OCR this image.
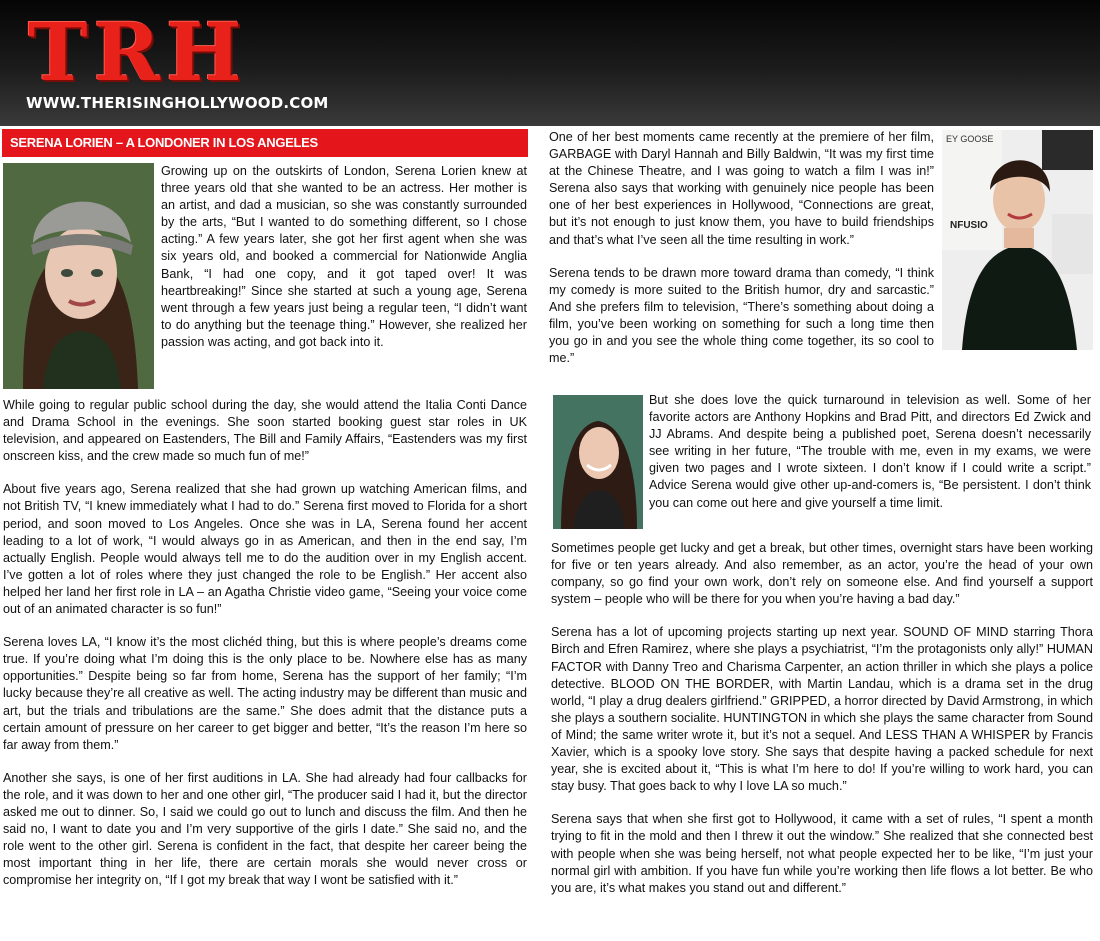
TRH
WWW.THERISINGHOLLYWOOD.COM
SERENA LORIEN – A LONDONER IN LOS ANGELES

Growing up on the outskirts of London, Serena Lorien knew at three years old that she wanted to be an actress. Her mother is an artist, and dad a musician, so she was constantly surrounded by the arts, “But I wanted to do something different, so I chose acting.” A few years later, she got her first agent when she was six years old, and booked a commercial for Nationwide Anglia Bank, “I had one copy, and it got taped over! It was heartbreaking!” Since she started at such a young age, Serena went through a few years just being a regular teen, “I didn’t want to do anything but the teenage thing.” However, she realized her passion was acting, and got back into it.

While going to regular public school during the day, she would attend the Italia Conti Dance and Drama School in the evenings. She soon started booking guest star roles in UK television, and appeared on Eastenders, The Bill and Family Affairs, “Eastenders was my first onscreen kiss, and the crew made so much fun of me!”

About five years ago, Serena realized that she had grown up watching American films, and not British TV, “I knew immediately what I had to do.” Serena first moved to Florida for a short period, and soon moved to Los Angeles. Once she was in LA, Serena found her accent leading to a lot of work, “I would always go in as American, and then in the end say, I’m actually English. People would always tell me to do the audition over in my English accent. I’ve gotten a lot of roles where they just changed the role to be English.” Her accent also helped her land her first role in LA – an Agatha Christie video game, “Seeing your voice come out of an animated character is so fun!”

Serena loves LA, “I know it’s the most clichéd thing, but this is where people’s dreams come true. If you’re doing what I’m doing this is the only place to be. Nowhere else has as many opportunities.” Despite being so far from home, Serena has the support of her family; “I’m lucky because they’re all creative as well. The acting industry may be different than music and art, but the trials and tribulations are the same.” She does admit that the distance puts a certain amount of pressure on her career to get bigger and better, “It’s the reason I’m here so far away from them.”

Another she says, is one of her first auditions in LA. She had already had four callbacks for the role, and it was down to her and one other girl, “The producer said I had it, but the director asked me out to dinner. So, I said we could go out to lunch and discuss the film. And then he said no, I want to date you and I’m very supportive of the girls I date.” She said no, and the role went to the other girl. Serena is confident in the fact, that despite her career being the most important thing in her life, there are certain morals she would never cross or compromise her integrity on, “If I got my break that way I wont be satisfied with it.”

One of her best moments came recently at the premiere of her film, GARBAGE with Daryl Hannah and Billy Baldwin, “It was my first time at the Chinese Theatre, and I was going to watch a film I was in!” Serena also says that working with genuinely nice people has been one of her best experiences in Hollywood, “Connections are great, but it’s not enough to just know them, you have to build friendships and that’s what I’ve seen all the time resulting in work.”

Serena tends to be drawn more toward drama than comedy, “I think my comedy is more suited to the British humor, dry and sarcastic.” And she prefers film to television, “There’s something about doing a film, you’ve been working on something for such a long time then you go in and you see the whole thing come together, its so cool to me.”

EY GOOSE
NFUSIO

But she does love the quick turnaround in television as well. Some of her favorite actors are Anthony Hopkins and Brad Pitt, and directors Ed Zwick and JJ Abrams. And despite being a published poet, Serena doesn’t necessarily see writing in her future, “The trouble with me, even in my exams, we were given two pages and I wrote sixteen. I don’t know if I could write a script.” Advice Serena would give other up-and-comers is, “Be persistent. I don’t think you can come out here and give yourself a time limit.

Sometimes people get lucky and get a break, but other times, overnight stars have been working for five or ten years already. And also remember, as an actor, you’re the head of your own company, so go find your own work, don’t rely on someone else. And find yourself a support system – people who will be there for you when you’re having a bad day.”

Serena has a lot of upcoming projects starting up next year. SOUND OF MIND starring Thora Birch and Efren Ramirez, where she plays a psychiatrist, “I’m the protagonists only ally!” HUMAN FACTOR with Danny Treo and Charisma Carpenter, an action thriller in which she plays a police detective. BLOOD ON THE BORDER, with Martin Landau, which is a drama set in the drug world, “I play a drug dealers girlfriend.” GRIPPED, a horror directed by David Armstrong, in which she plays a southern socialite. HUNTINGTON in which she plays the same character from Sound of Mind; the same writer wrote it, but it’s not a sequel. And LESS THAN A WHISPER by Francis Xavier, which is a spooky love story. She says that despite having a packed schedule for next year, she is excited about it, “This is what I’m here to do! If you’re willing to work hard, you can stay busy. That goes back to why I love LA so much.”

Serena says that when she first got to Hollywood, it came with a set of rules, “I spent a month trying to fit in the mold and then I threw it out the window.” She realized that she connected best with people when she was being herself, not what people expected her to be like, “I’m just your normal girl with ambition. If you have fun while you’re working then life flows a lot better. Be who you are, it’s what makes you stand out and different.”
